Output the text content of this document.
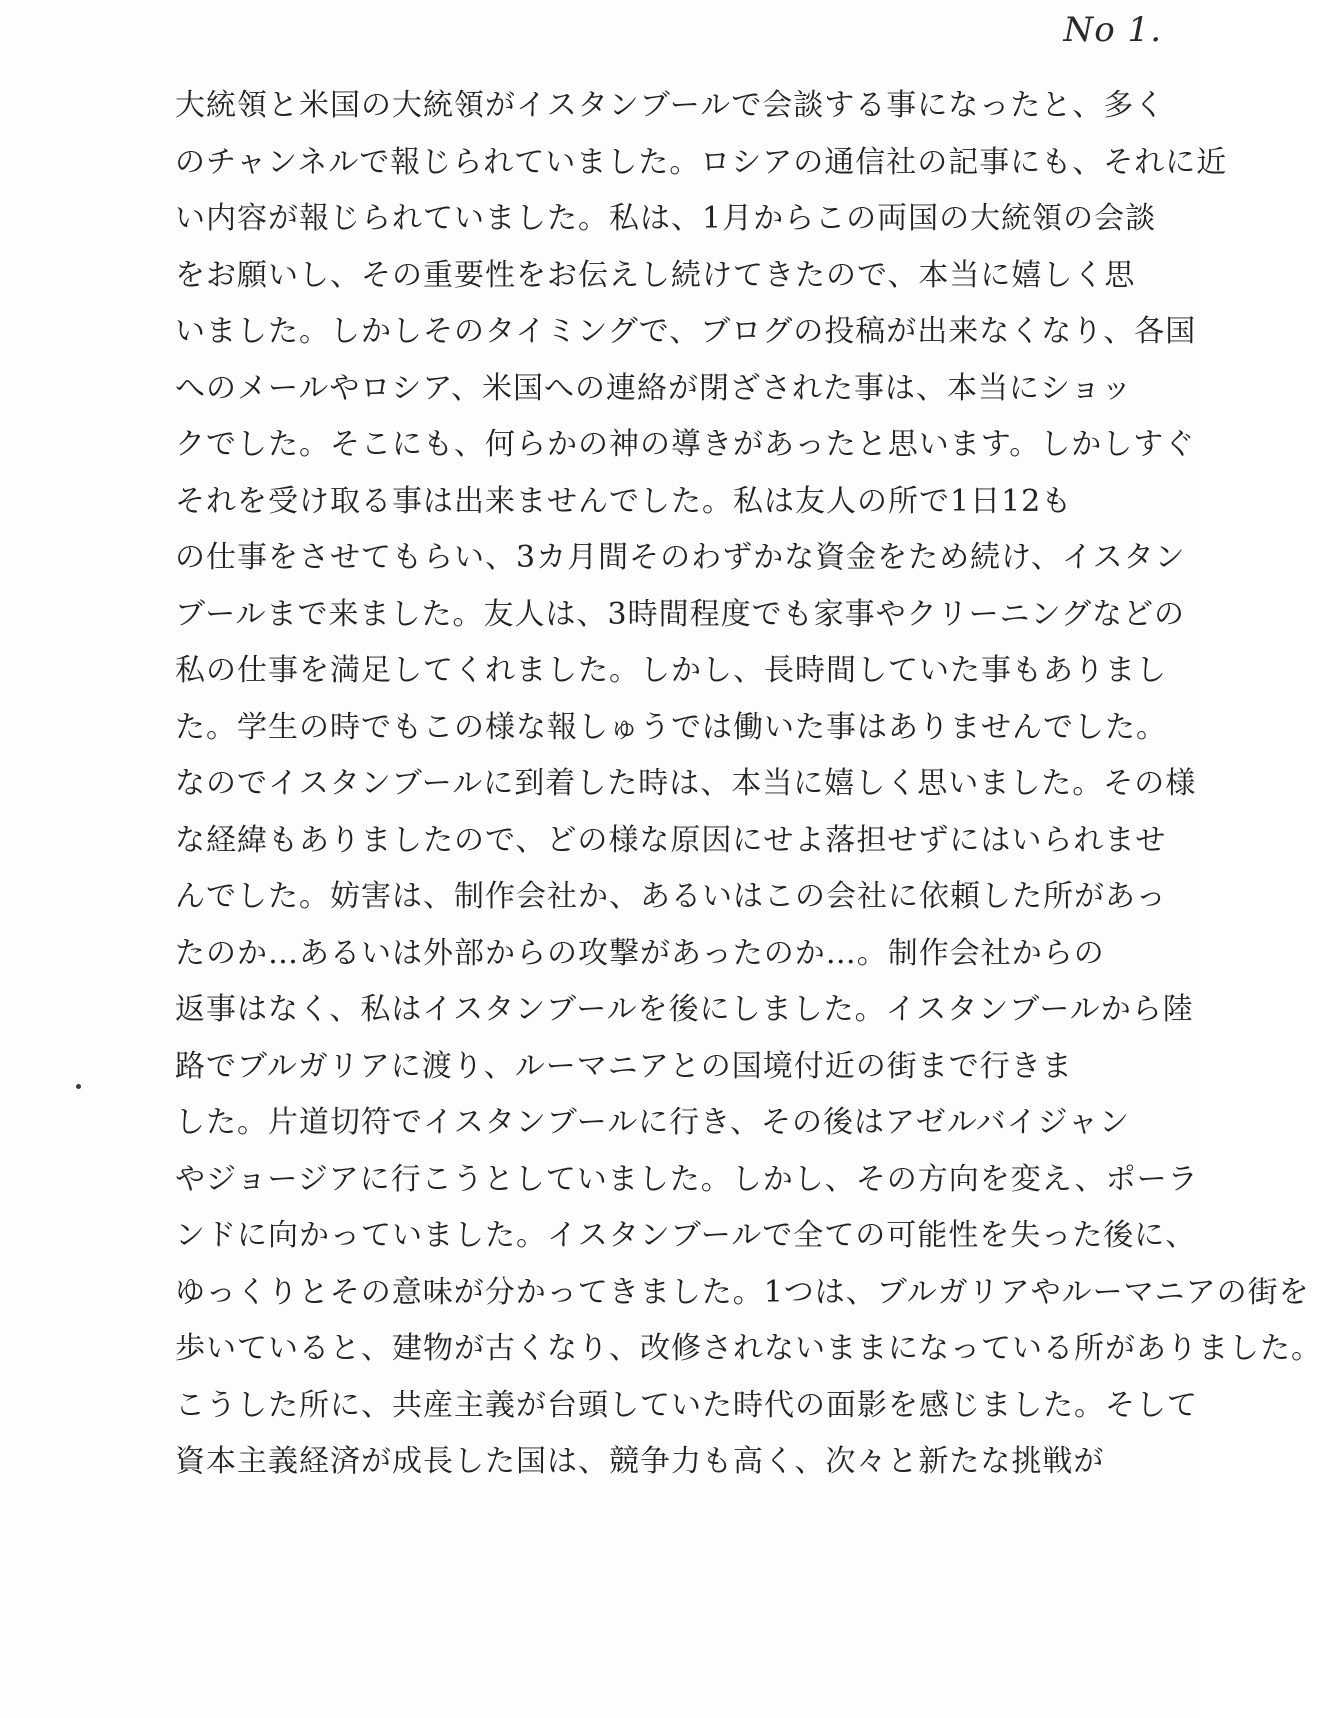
No 1.
大統領と米国の大統領がイスタンブールで会談する事になったと、多く
のチャンネルで報じられていました。ロシアの通信社の記事にも、それに近
い内容が報じられていました。私は、1月からこの両国の大統領の会談
をお願いし、その重要性をお伝えし続けてきたので、本当に嬉しく思
いました。しかしそのタイミングで、ブログの投稿が出来なくなり、各国
へのメールやロシア、米国への連絡が閉ざされた事は、本当にショッ
クでした。そこにも、何らかの神の導きがあったと思います。しかしすぐ
それを受け取る事は出来ませんでした。私は友人の所で1日12も
の仕事をさせてもらい、3カ月間そのわずかな資金をため続け、イスタン
ブールまで来ました。友人は、3時間程度でも家事やクリーニングなどの
私の仕事を満足してくれました。しかし、長時間していた事もありまし
た。学生の時でもこの様な報しゅうでは働いた事はありませんでした。
なのでイスタンブールに到着した時は、本当に嬉しく思いました。その様
な経緯もありましたので、どの様な原因にせよ落担せずにはいられませ
んでした。妨害は、制作会社か、あるいはこの会社に依頼した所があっ
たのか…あるいは外部からの攻撃があったのか…。制作会社からの
返事はなく、私はイスタンブールを後にしました。イスタンブールから陸
路でブルガリアに渡り、ルーマニアとの国境付近の街まで行きま
した。片道切符でイスタンブールに行き、その後はアゼルバイジャン
やジョージアに行こうとしていました。しかし、その方向を変え、ポーラ
ンドに向かっていました。イスタンブールで全ての可能性を失った後に、
ゆっくりとその意味が分かってきました。1つは、ブルガリアやルーマニアの街を
歩いていると、建物が古くなり、改修されないままになっている所がありました。
こうした所に、共産主義が台頭していた時代の面影を感じました。そして
資本主義経済が成長した国は、競争力も高く、次々と新たな挑戦が
